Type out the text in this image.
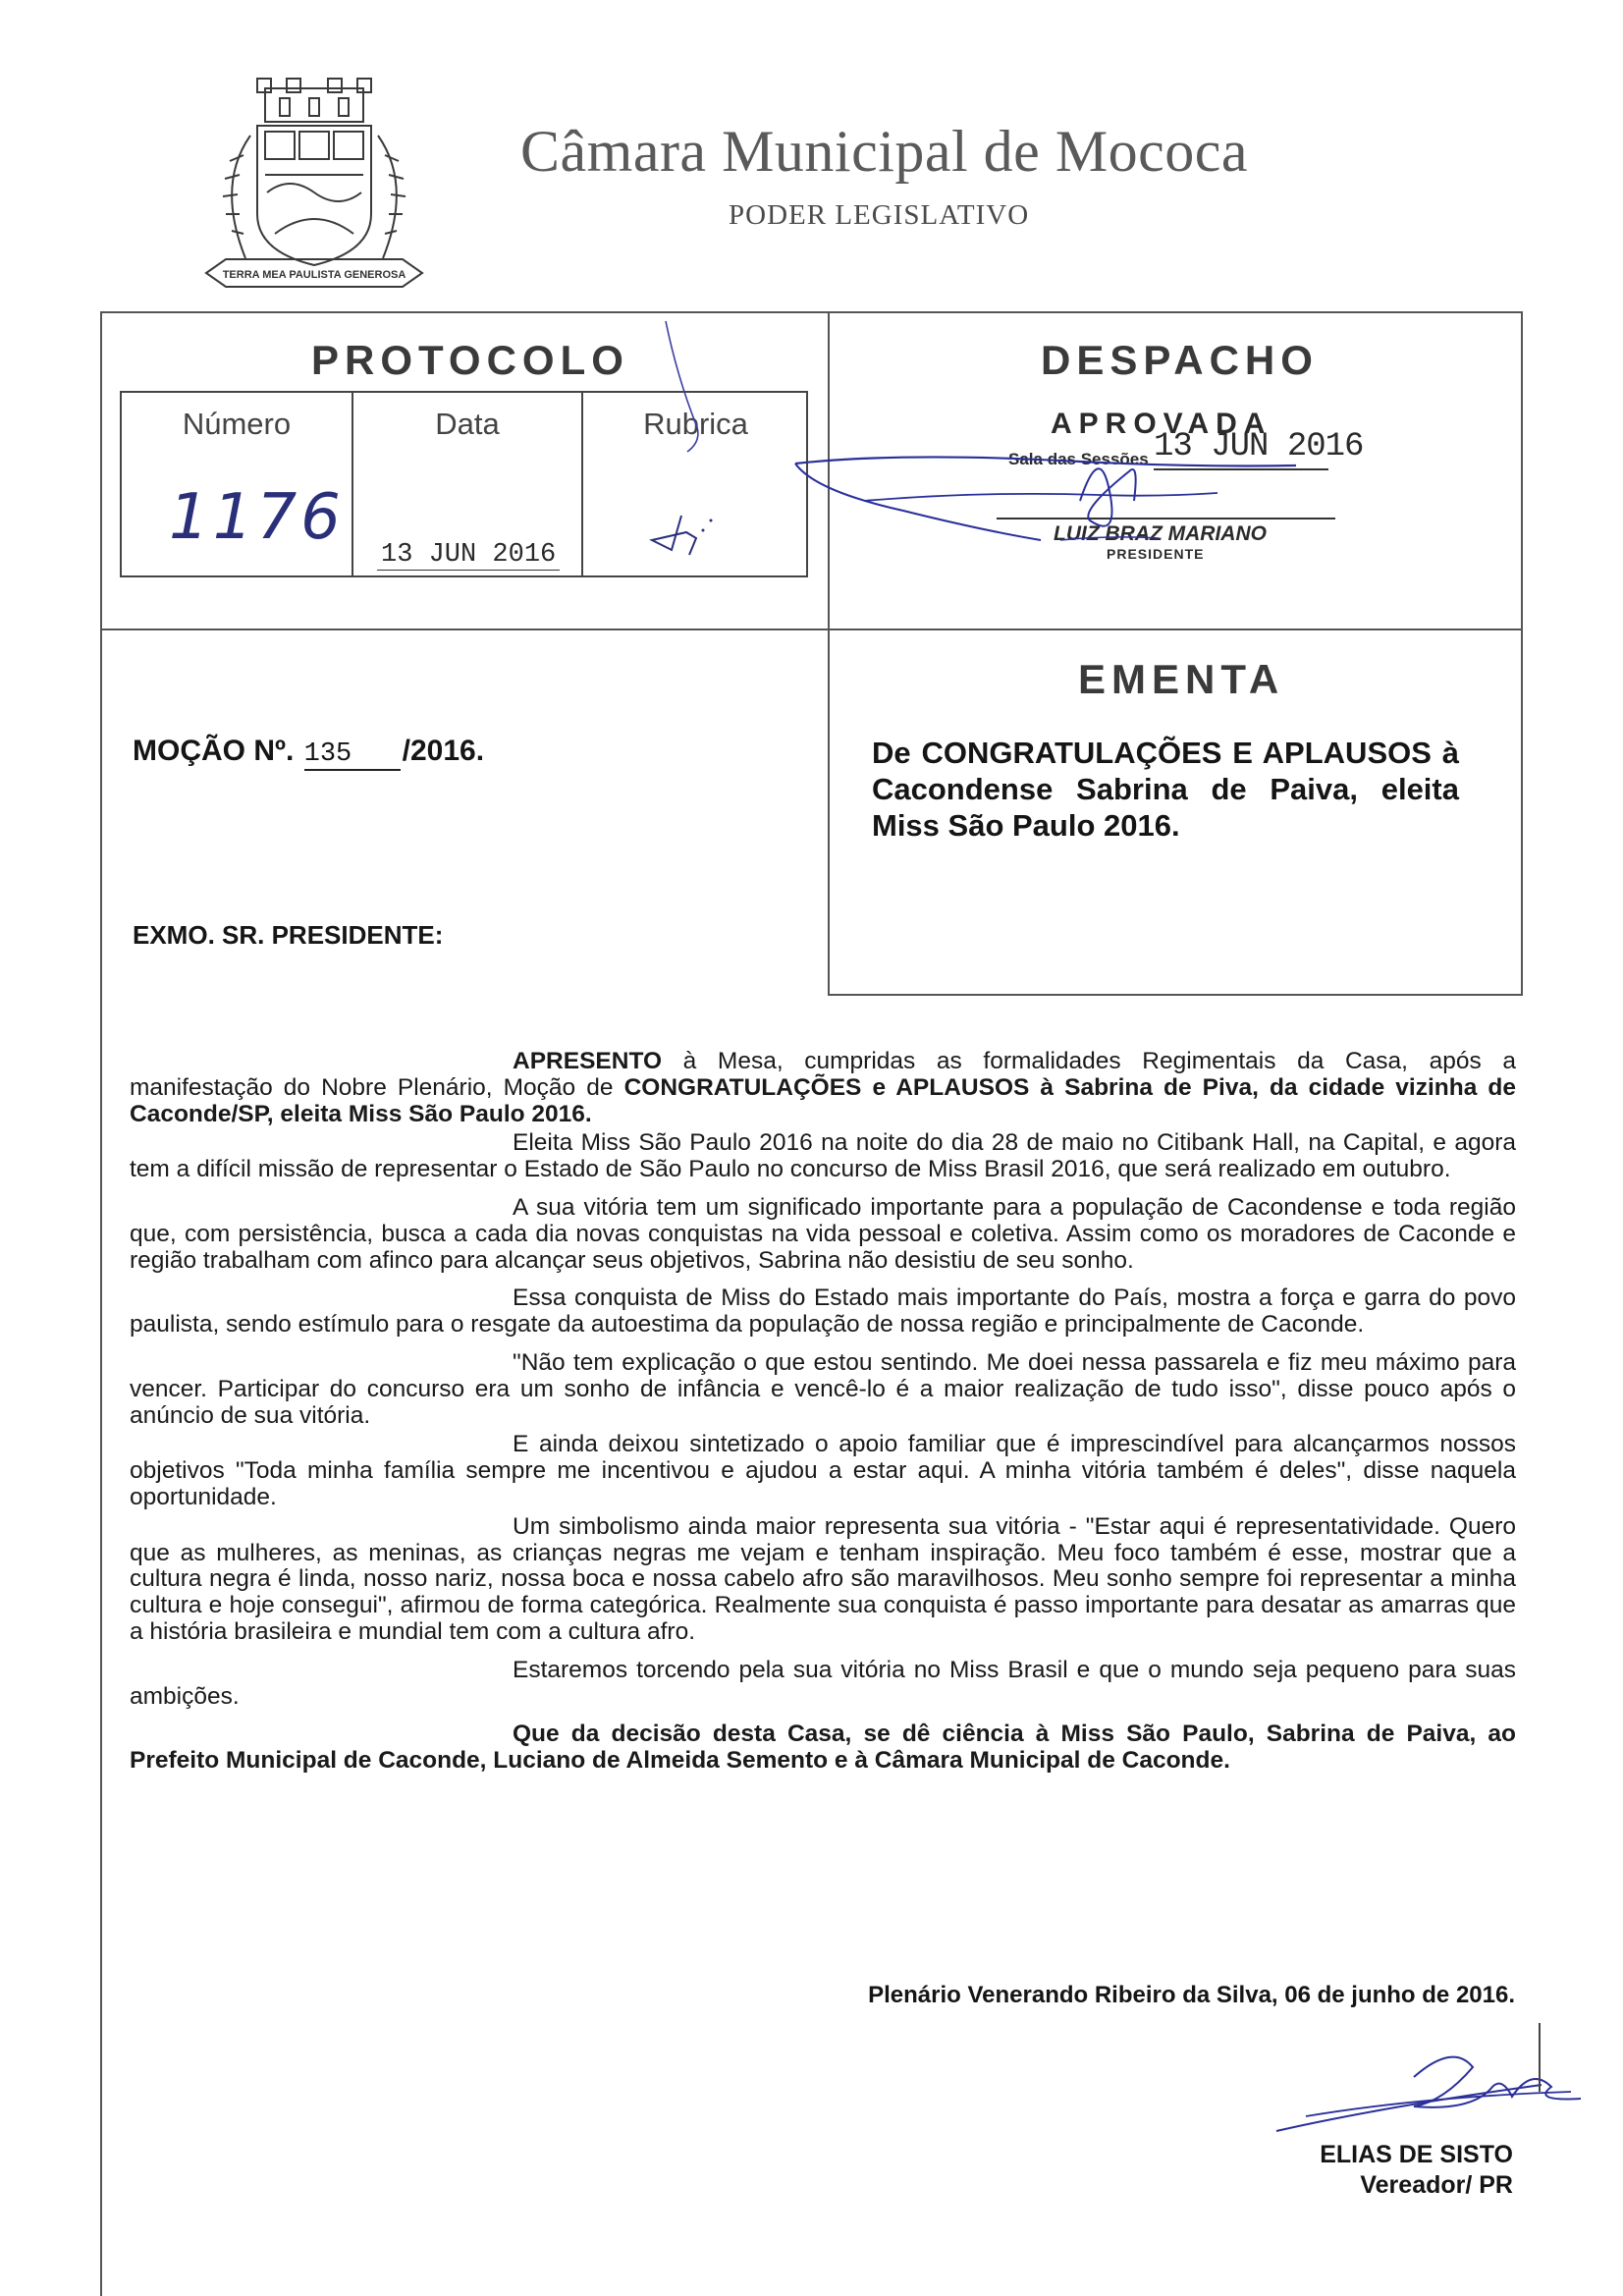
TERRA MEA PAULISTA GENEROSA
Câmara Municipal de Mococa
PODER LEGISLATIVO
PROTOCOLO
Número
1176
Data
13 JUN 2016
Rubrica
DESPACHO
APROVADA
Sala das Sessões 13 JUN 2016
LUIZ BRAZ MARIANO
PRESIDENTE
MOÇÃO Nº. 135 /2016.
EXMO. SR. PRESIDENTE:
EMENTA
De CONGRATULAÇÕES E APLAUSOS à Cacondense Sabrina de Paiva, eleita Miss São Paulo 2016.

APRESENTO à Mesa, cumpridas as formalidades Regimentais da Casa, após a manifestação do Nobre Plenário, Moção de CONGRATULAÇÕES e APLAUSOS à Sabrina de Piva, da cidade vizinha de Caconde/SP, eleita Miss São Paulo 2016.

Eleita Miss São Paulo 2016 na noite do dia 28 de maio no Citibank Hall, na Capital, e agora tem a difícil missão de representar o Estado de São Paulo no concurso de Miss Brasil 2016, que será realizado em outubro.

A sua vitória tem um significado importante para a população de Cacondense e toda região que, com persistência, busca a cada dia novas conquistas na vida pessoal e coletiva. Assim como os moradores de Caconde e região trabalham com afinco para alcançar seus objetivos, Sabrina não desistiu de seu sonho.

Essa conquista de Miss do Estado mais importante do País, mostra a força e garra do povo paulista, sendo estímulo para o resgate da autoestima da população de nossa região e principalmente de Caconde.

"Não tem explicação o que estou sentindo. Me doei nessa passarela e fiz meu máximo para vencer. Participar do concurso era um sonho de infância e vencê-lo é a maior realização de tudo isso", disse pouco após o anúncio de sua vitória.

E ainda deixou sintetizado o apoio familiar que é imprescindível para alcançarmos nossos objetivos "Toda minha família sempre me incentivou e ajudou a estar aqui. A minha vitória também é deles", disse naquela oportunidade.

Um simbolismo ainda maior representa sua vitória - "Estar aqui é representatividade. Quero que as mulheres, as meninas, as crianças negras me vejam e tenham inspiração. Meu foco também é esse, mostrar que a cultura negra é linda, nosso nariz, nossa boca e nossa cabelo afro são maravilhosos. Meu sonho sempre foi representar a minha cultura e hoje consegui", afirmou de forma categórica. Realmente sua conquista é passo importante para desatar as amarras que a história brasileira e mundial tem com a cultura afro.

Estaremos torcendo pela sua vitória no Miss Brasil e que o mundo seja pequeno para suas ambições.

Que da decisão desta Casa, se dê ciência à Miss São Paulo, Sabrina de Paiva, ao Prefeito Municipal de Caconde, Luciano de Almeida Semento e à Câmara Municipal de Caconde.

Plenário Venerando Ribeiro da Silva, 06 de junho de 2016.
ELIAS DE SISTO
Vereador/ PR
